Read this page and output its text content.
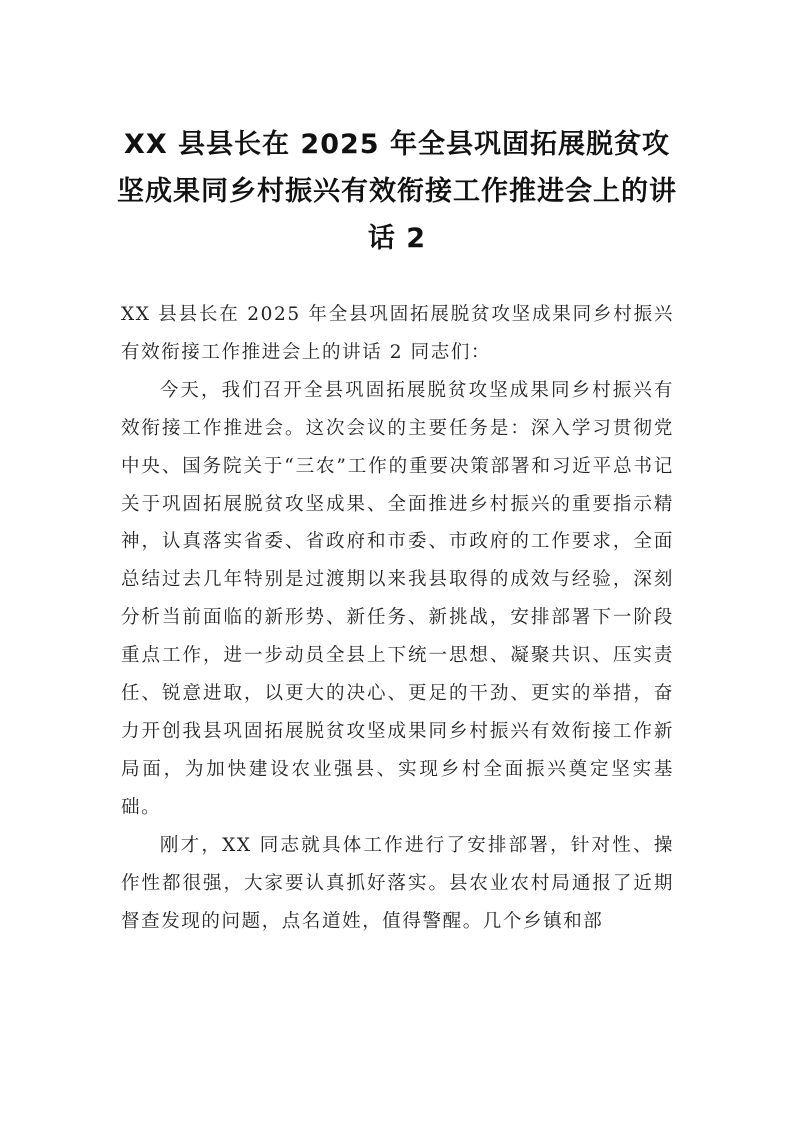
XX 县县长在 2025 年全县巩固拓展脱贫攻坚成果同乡村振兴有效衔接工作推进会上的讲话 2

XX 县县长在 2025 年全县巩固拓展脱贫攻坚成果同乡村振兴有效衔接工作推进会上的讲话 2 同志们：

今天，我们召开全县巩固拓展脱贫攻坚成果同乡村振兴有效衔接工作推进会。这次会议的主要任务是：深入学习贯彻党中央、国务院关于“三农”工作的重要决策部署和习近平总书记关于巩固拓展脱贫攻坚成果、全面推进乡村振兴的重要指示精神，认真落实省委、省政府和市委、市政府的工作要求，全面总结过去几年特别是过渡期以来我县取得的成效与经验，深刻分析当前面临的新形势、新任务、新挑战，安排部署下一阶段重点工作，进一步动员全县上下统一思想、凝聚共识、压实责任、锐意进取，以更大的决心、更足的干劲、更实的举措，奋力开创我县巩固拓展脱贫攻坚成果同乡村振兴有效衔接工作新局面，为加快建设农业强县、实现乡村全面振兴奠定坚实基础。

刚才，XX 同志就具体工作进行了安排部署，针对性、操作性都很强，大家要认真抓好落实。县农业农村局通报了近期督查发现的问题，点名道姓，值得警醒。几个乡镇和部
